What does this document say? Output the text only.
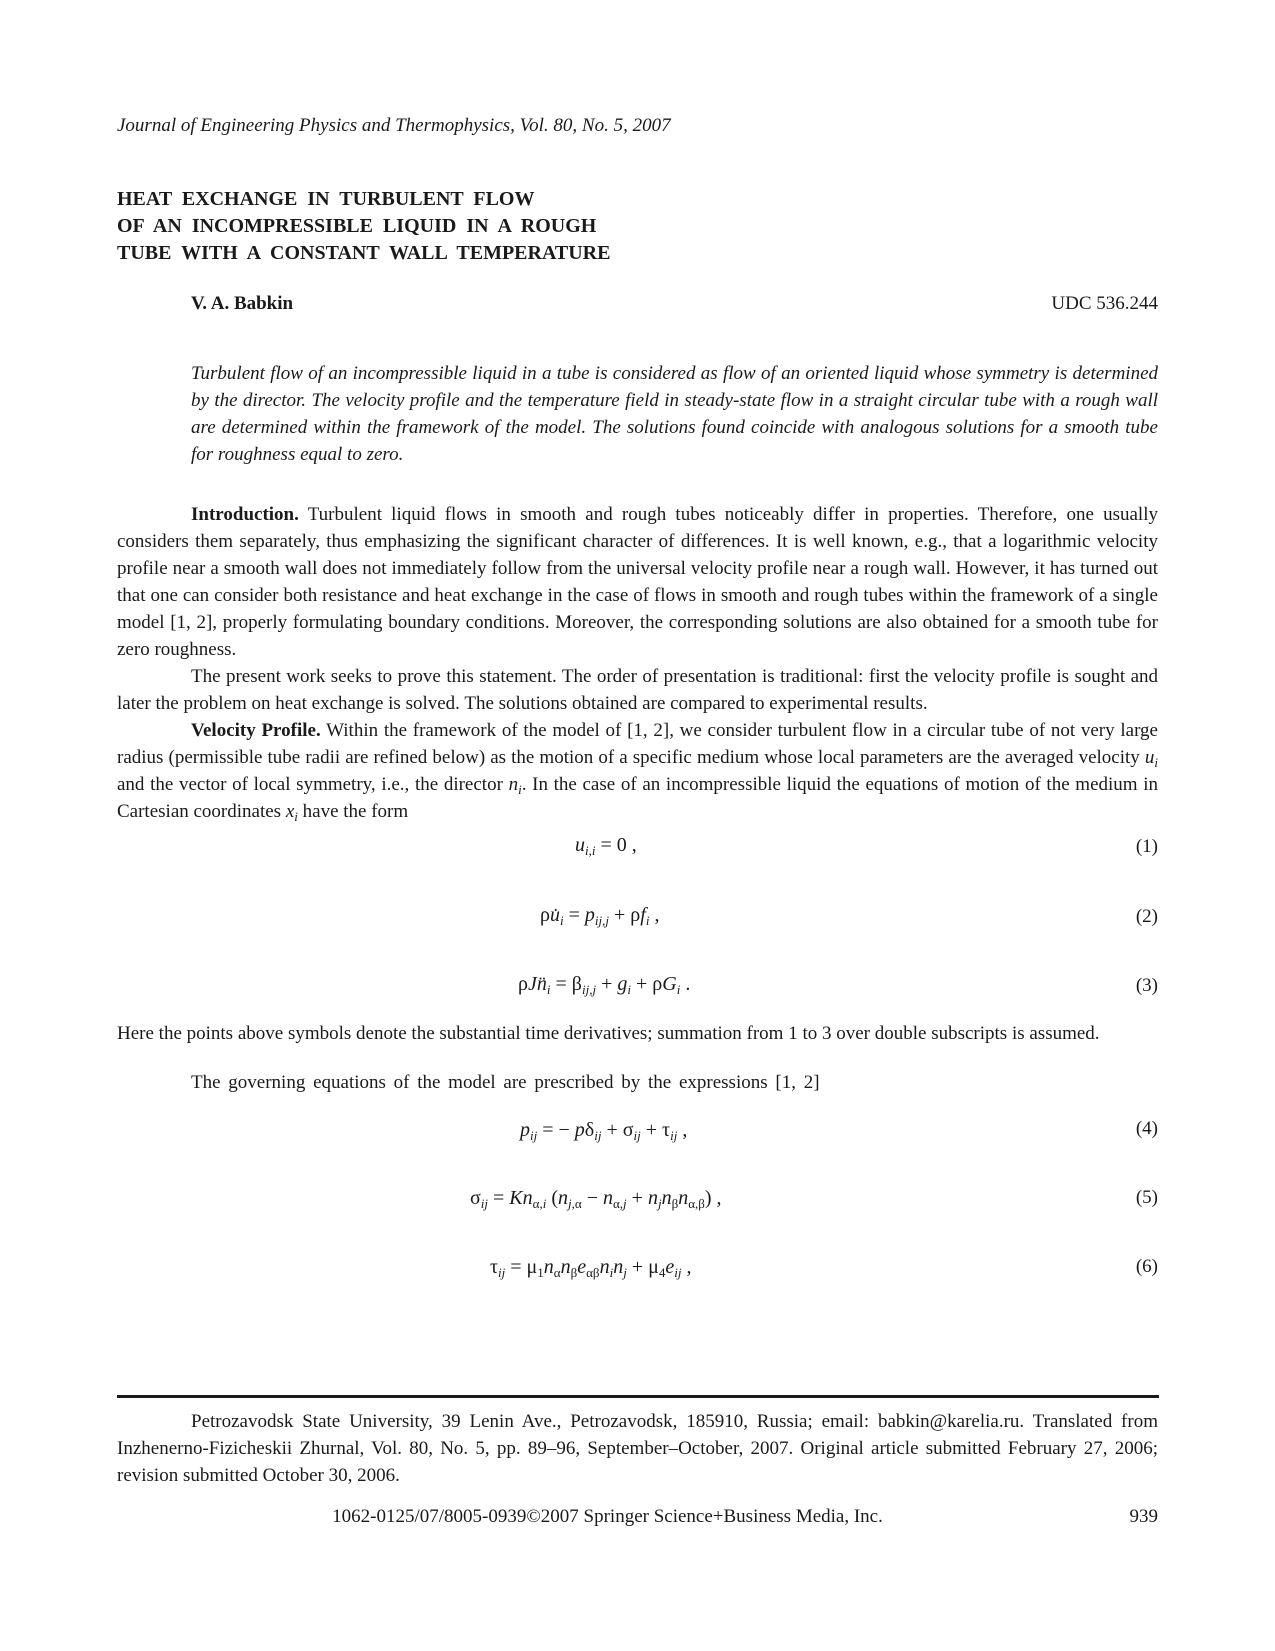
Journal of Engineering Physics and Thermophysics, Vol. 80, No. 5, 2007
HEAT EXCHANGE IN TURBULENT FLOW
OF AN INCOMPRESSIBLE LIQUID IN A ROUGH
TUBE WITH A CONSTANT WALL TEMPERATURE
V. A. Babkin	UDC 536.244
Turbulent flow of an incompressible liquid in a tube is considered as flow of an oriented liquid whose symmetry is determined by the director. The velocity profile and the temperature field in steady-state flow in a straight circular tube with a rough wall are determined within the framework of the model. The solutions found coincide with analogous solutions for a smooth tube for roughness equal to zero.

Introduction. Turbulent liquid flows in smooth and rough tubes noticeably differ in properties. Therefore, one usually considers them separately, thus emphasizing the significant character of differences. It is well known, e.g., that a logarithmic velocity profile near a smooth wall does not immediately follow from the universal velocity profile near a rough wall. However, it has turned out that one can consider both resistance and heat exchange in the case of flows in smooth and rough tubes within the framework of a single model [1, 2], properly formulating boundary conditions. Moreover, the corresponding solutions are also obtained for a smooth tube for zero roughness.

The present work seeks to prove this statement. The order of presentation is traditional: first the velocity profile is sought and later the problem on heat exchange is solved. The solutions obtained are compared to experimental results.

Velocity Profile. Within the framework of the model of [1, 2], we consider turbulent flow in a circular tube of not very large radius (permissible tube radii are refined below) as the motion of a specific medium whose local parameters are the averaged velocity $u_i$ and the vector of local symmetry, i.e., the director $n_i$. In the case of an incompressible liquid the equations of motion of the medium in Cartesian coordinates $x_i$ have the form

$u_{i,i} = 0$ ,	(1)
$\rho u̇_i = p_{ij,j} + \rho f_i$ ,	(2)
$\rho Jn̈_i = \beta_{ij,j} + g_i + \rho G_i$ .	(3)
Here the points above symbols denote the substantial time derivatives; summation from 1 to 3 over double subscripts is assumed.
The governing equations of the model are prescribed by the expressions [1, 2]
$p_{ij}$ = − $p\delta_{ij} + \sigma_{ij} + \tau_{ij}$ ,	(4)
$\sigma_{ij} = Kn_{\alpha,i}$ $(n_{j,\alpha} - n_{\alpha,j} + n_jn_\beta n_{\alpha,\beta})$ ,	(5)
$\tau_{ij} = \mu_1n_\alpha n_\beta e_{\alpha\beta}n_in_j + \mu_4e_{ij}$ ,	(6)
Petrozavodsk State University, 39 Lenin Ave., Petrozavodsk, 185910, Russia; email: babkin@karelia.ru. Translated from Inzhenerno-Fizicheskii Zhurnal, Vol. 80, No. 5, pp. 89–96, September–October, 2007. Original article submitted February 27, 2006; revision submitted October 30, 2006.
1062-0125/07/8005-0939©2007 Springer Science+Business Media, Inc.	939
